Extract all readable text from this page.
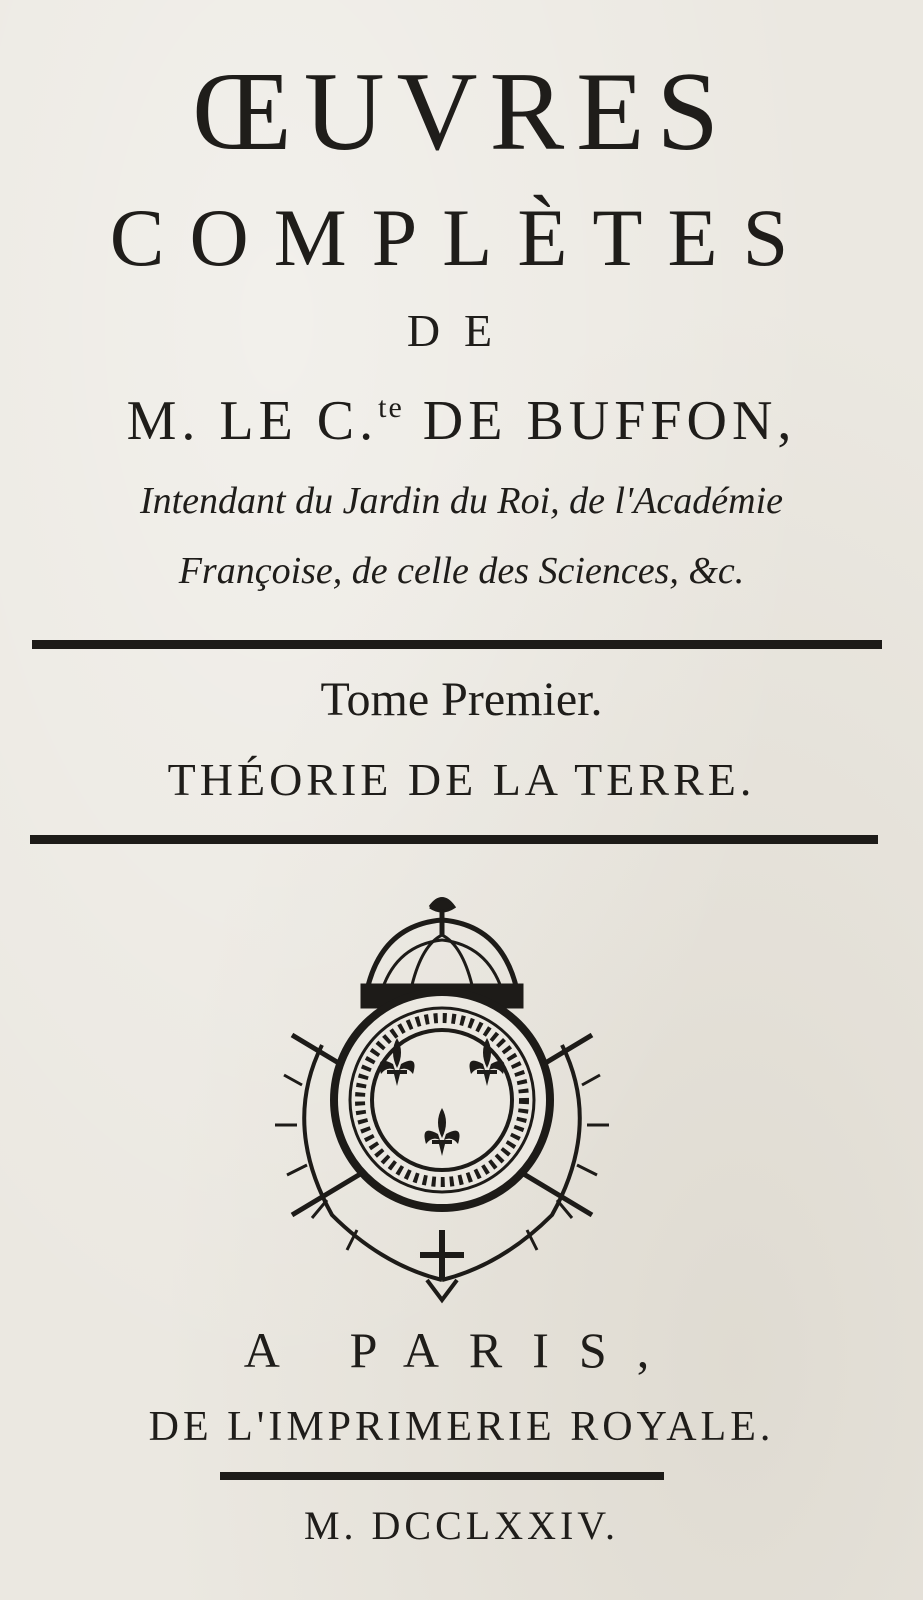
ŒUVRES
COMPLÈTES
DE
M. LE C.$^{te}$ DE BUFFON,
Intendant du Jardin du Roi, de l'Académie
Françoise, de celle des Sciences, &c.
Tome Premier.
THÉORIE DE LA TERRE.
A PARIS,
DE L'IMPRIMERIE ROYALE.
M. DCCLXXIV.
